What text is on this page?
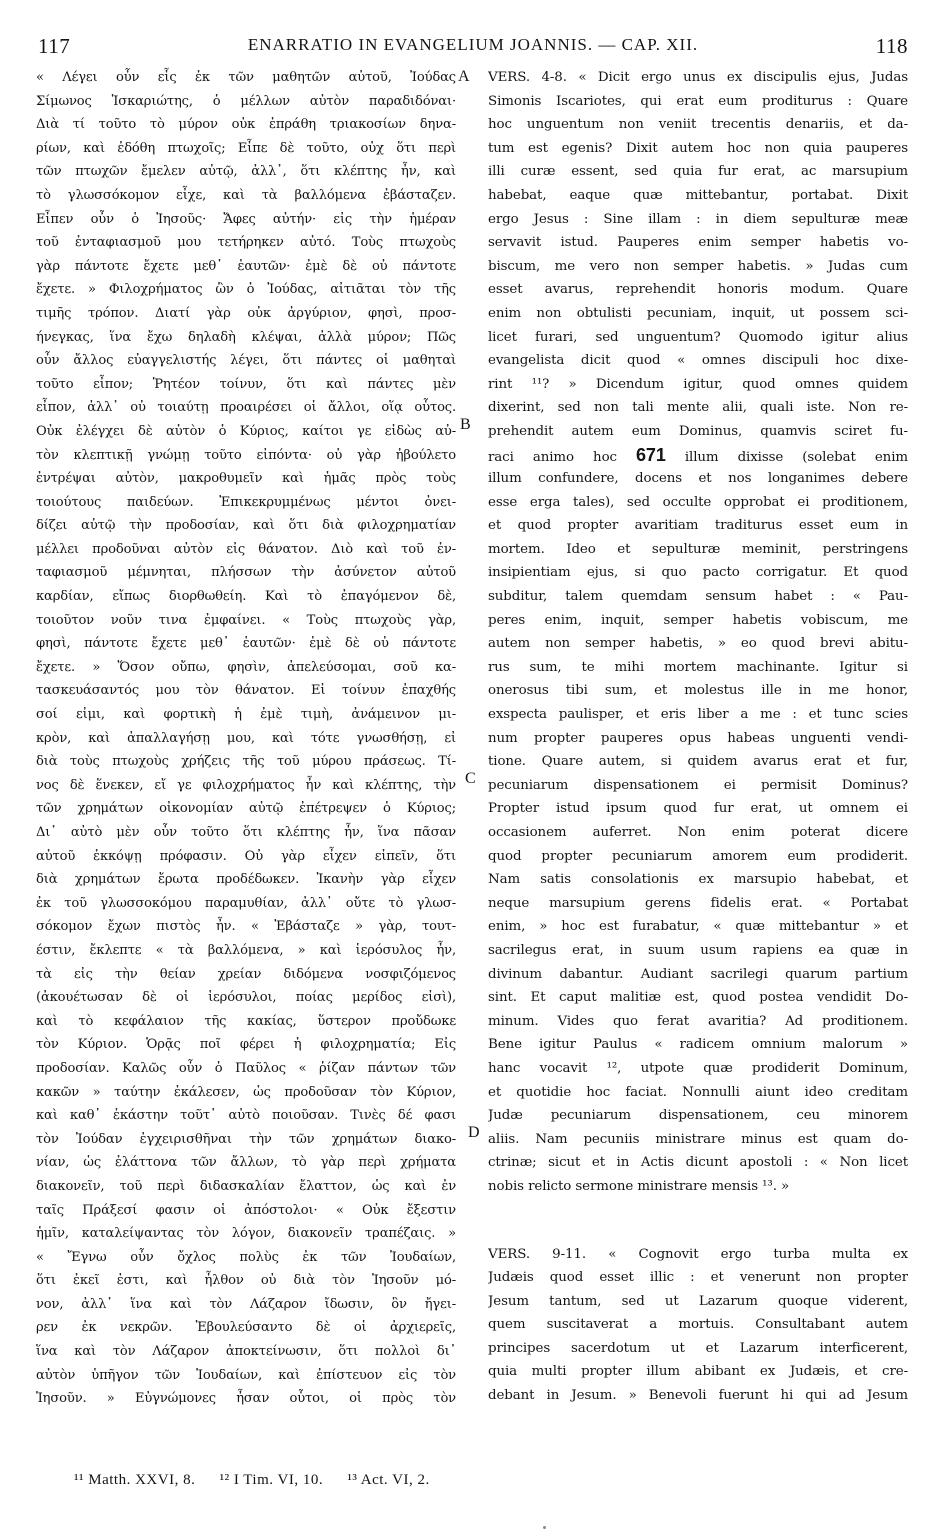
117	ENARRATIO IN EVANGELIUM JOANNIS. — CAP. XII.	118

« Λέγει οὖν εἷς ἐκ τῶν μαθητῶν αὐτοῦ, Ἰούδας

Σίμωνος Ἰσκαριώτης, ὁ μέλλων αὐτὸν παραδιδόναι·

Διὰ τί τοῦτο τὸ μύρον οὐκ ἐπράθη τριακοσίων δηνα-

ρίων, καὶ ἐδόθη πτωχοῖς; Εἶπε δὲ τοῦτο, οὐχ ὅτι περὶ

τῶν πτωχῶν ἔμελεν αὐτῷ, ἀλλ᾽, ὅτι κλέπτης ἦν, καὶ

τὸ γλωσσόκομον εἶχε, καὶ τὰ βαλλόμενα ἐβάσταζεν.

Εἶπεν οὖν ὁ Ἰησοῦς· Ἄφες αὐτήν· εἰς τὴν ἡμέραν

τοῦ ἐνταφιασμοῦ μου τετήρηκεν αὐτό. Τοὺς πτωχοὺς

γὰρ πάντοτε ἔχετε μεθ᾽ ἑαυτῶν· ἐμὲ δὲ οὐ πάντοτε

ἔχετε. » Φιλοχρήματος ὢν ὁ Ἰούδας, αἰτιᾶται τὸν τῆς

τιμῆς τρόπον. Διατί γὰρ οὐκ ἀργύριον, φησὶ, προσ-

ήνεγκας, ἵνα ἔχω δηλαδὴ κλέψαι, ἀλλὰ μύρον; Πῶς

οὖν ἄλλος εὐαγγελιστής λέγει, ὅτι πάντες οἱ μαθηταὶ

τοῦτο εἶπον; Ῥητέον τοίνυν, ὅτι καὶ πάντες μὲν

εἶπον, ἀλλ᾽ οὐ τοιαύτῃ προαιρέσει οἱ ἄλλοι, οἵᾳ οὗτος.

Οὐκ ἐλέγχει δὲ αὐτὸν ὁ Κύριος, καίτοι γε εἰδὼς αὐ-

τὸν κλεπτικῇ γνώμῃ τοῦτο εἰπόντα· οὐ γὰρ ἠβούλετο

ἐντρέψαι αὐτὸν, μακροθυμεῖν καὶ ἡμᾶς πρὸς τοὺς

τοιούτους παιδεύων. Ἐπικεκρυμμένως μέντοι ὀνει-

δίζει αὐτῷ τὴν προδοσίαν, καὶ ὅτι διὰ φιλοχρηματίαν

μέλλει προδοῦναι αὐτὸν εἰς θάνατον. Διὸ καὶ τοῦ ἐν-

ταφιασμοῦ μέμνηται, πλήσσων τὴν ἀσύνετον αὐτοῦ

καρδίαν, εἴπως διορθωθείη. Καὶ τὸ ἐπαγόμενον δὲ,

τοιοῦτον νοῦν τινα ἐμφαίνει. « Τοὺς πτωχοὺς γὰρ,

φησὶ, πάντοτε ἔχετε μεθ᾽ ἑαυτῶν· ἐμὲ δὲ οὐ πάντοτε

ἔχετε. » Ὅσον οὔπω, φησὶν, ἀπελεύσομαι, σοῦ κα-

τασκευάσαντός μου τὸν θάνατον. Εἰ τοίνυν ἐπαχθής

σοί εἰμι, καὶ φορτικὴ ἡ ἐμὲ τιμὴ, ἀνάμεινον μι-

κρὸν, καὶ ἀπαλλαγήσῃ μου, καὶ τότε γνωσθήσῃ, εἰ

διὰ τοὺς πτωχοὺς χρήζεις τῆς τοῦ μύρου πράσεως. Τί-

νος δὲ ἕνεκεν, εἴ γε φιλοχρήματος ἦν καὶ κλέπτης, τὴν

τῶν χρημάτων οἰκονομίαν αὐτῷ ἐπέτρεψεν ὁ Κύριος;

Δι᾽ αὐτὸ μὲν οὖν τοῦτο ὅτι κλέπτης ἦν, ἵνα πᾶσαν

αὐτοῦ ἐκκόψῃ πρόφασιν. Οὐ γὰρ εἶχεν εἰπεῖν, ὅτι

διὰ χρημάτων ἔρωτα προδέδωκεν. Ἱκανὴν γὰρ εἶχεν

ἐκ τοῦ γλωσσοκόμου παραμυθίαν, ἀλλ᾽ οὔτε τὸ γλωσ-

σόκομον ἔχων πιστὸς ἦν. « Ἐβάσταζε » γὰρ, τουτ-

έστιν, ἔκλεπτε « τὰ βαλλόμενα, » καὶ ἱερόσυλος ἦν,

τὰ εἰς τὴν θείαν χρείαν διδόμενα νοσφιζόμενος

(ἀκουέτωσαν δὲ οἱ ἱερόσυλοι, ποίας μερίδος εἰσὶ),

καὶ τὸ κεφάλαιον τῆς κακίας, ὕστερον προὔδωκε

τὸν Κύριον. Ὁρᾷς ποῖ φέρει ἡ φιλοχρηματία; Εἰς

προδοσίαν. Καλῶς οὖν ὁ Παῦλος « ῥίζαν πάντων τῶν

κακῶν » ταύτην ἐκάλεσεν, ὡς προδοῦσαν τὸν Κύριον,

καὶ καθ᾽ ἑκάστην τοῦτ᾽ αὐτὸ ποιοῦσαν. Τινὲς δέ φασι

τὸν Ἰούδαν ἐγχειρισθῆναι τὴν τῶν χρημάτων διακο-

νίαν, ὡς ἐλάττονα τῶν ἄλλων, τὸ γὰρ περὶ χρήματα

διακονεῖν, τοῦ περὶ διδασκαλίαν ἔλαττον, ὡς καὶ ἐν

ταῖς Πράξεσί φασιν οἱ ἀπόστολοι· « Οὐκ ἔξεστιν

ἡμῖν, καταλείψαντας τὸν λόγον, διακονεῖν τραπέζαις. »

« Ἔγνω οὖν ὄχλος πολὺς ἐκ τῶν Ἰουδαίων,

ὅτι ἐκεῖ ἐστι, καὶ ἦλθον οὐ διὰ τὸν Ἰησοῦν μό-

νον, ἀλλ᾽ ἵνα καὶ τὸν Λάζαρον ἴδωσιν, ὃν ἤγει-

ρεν ἐκ νεκρῶν. Ἐβουλεύσαντο δὲ οἱ ἀρχιερεῖς,

ἵνα καὶ τὸν Λάζαρον ἀποκτείνωσιν, ὅτι πολλοὶ δι᾽

αὐτὸν ὑπῆγον τῶν Ἰουδαίων, καὶ ἐπίστευον εἰς τὸν

Ἰησοῦν. » Εὐγνώμονες ἦσαν οὗτοι, οἱ πρὸς τὸν

VERS. 4-8. « Dicit ergo unus ex discipulis ejus, Judas

Simonis Iscariotes, qui erat eum proditurus : Quare

hoc unguentum non veniit trecentis denariis, et da-

tum est egenis? Dixit autem hoc non quia pauperes

illi curæ essent, sed quia fur erat, ac marsupium

habebat, eaque quæ mittebantur, portabat. Dixit

ergo Jesus : Sine illam : in diem sepulturæ meæ

servavit istud. Pauperes enim semper habetis vo-

biscum, me vero non semper habetis. » Judas cum

esset avarus, reprehendit honoris modum. Quare

enim non obtulisti pecuniam, inquit, ut possem sci-

licet furari, sed unguentum? Quomodo igitur alius

evangelista dicit quod « omnes discipuli hoc dixe-

rint ¹¹? » Dicendum igitur, quod omnes quidem

dixerint, sed non tali mente alii, quali iste. Non re-

prehendit autem eum Dominus, quamvis sciret fu-

raci animo hoc 671 illum dixisse (solebat enim

illum confundere, docens et nos longanimes debere

esse erga tales), sed occulte opprobat ei proditionem,

et quod propter avaritiam traditurus esset eum in

mortem. Ideo et sepulturæ meminit, perstringens

insipientiam ejus, si quo pacto corrigatur. Et quod

subditur, talem quemdam sensum habet : « Pau-

peres enim, inquit, semper habetis vobiscum, me

autem non semper habetis, » eo quod brevi abitu-

rus sum, te mihi mortem machinante. Igitur si

onerosus tibi sum, et molestus ille in me honor,

exspecta paulisper, et eris liber a me : et tunc scies

num propter pauperes opus habeas unguenti vendi-

tione. Quare autem, si quidem avarus erat et fur,

pecuniarum dispensationem ei permisit Dominus?

Propter istud ipsum quod fur erat, ut omnem ei

occasionem auferret. Non enim poterat dicere

quod propter pecuniarum amorem eum prodiderit.

Nam satis consolationis ex marsupio habebat, et

neque marsupium gerens fidelis erat. « Portabat

enim, » hoc est furabatur, « quæ mittebantur » et

sacrilegus erat, in suum usum rapiens ea quæ in

divinum dabantur. Audiant sacrilegi quarum partium

sint. Et caput malitiæ est, quod postea vendidit Do-

minum. Vides quo ferat avaritia? Ad proditionem.

Bene igitur Paulus « radicem omnium malorum »

hanc vocavit ¹², utpote quæ prodiderit Dominum,

et quotidie hoc faciat. Nonnulli aiunt ideo creditam

Judæ pecuniarum dispensationem, ceu minorem

aliis. Nam pecuniis ministrare minus est quam do-

ctrinæ; sicut et in Actis dicunt apostoli : « Non licet

nobis relicto sermone ministrare mensis ¹³. »

VERS. 9-11. « Cognovit ergo turba multa ex

Judæis quod esset illic : et venerunt non propter

Jesum tantum, sed ut Lazarum quoque viderent,

quem suscitaverat a mortuis. Consultabant autem

principes sacerdotum ut et Lazarum interficerent,

quia multi propter illum abibant ex Judæis, et cre-

debant in Jesum. » Benevoli fuerunt hi qui ad Jesum

A
B
C
D
¹¹ Matth. XXVI, 8. ¹² I Tim. VI, 10. ¹³ Act. VI, 2.
